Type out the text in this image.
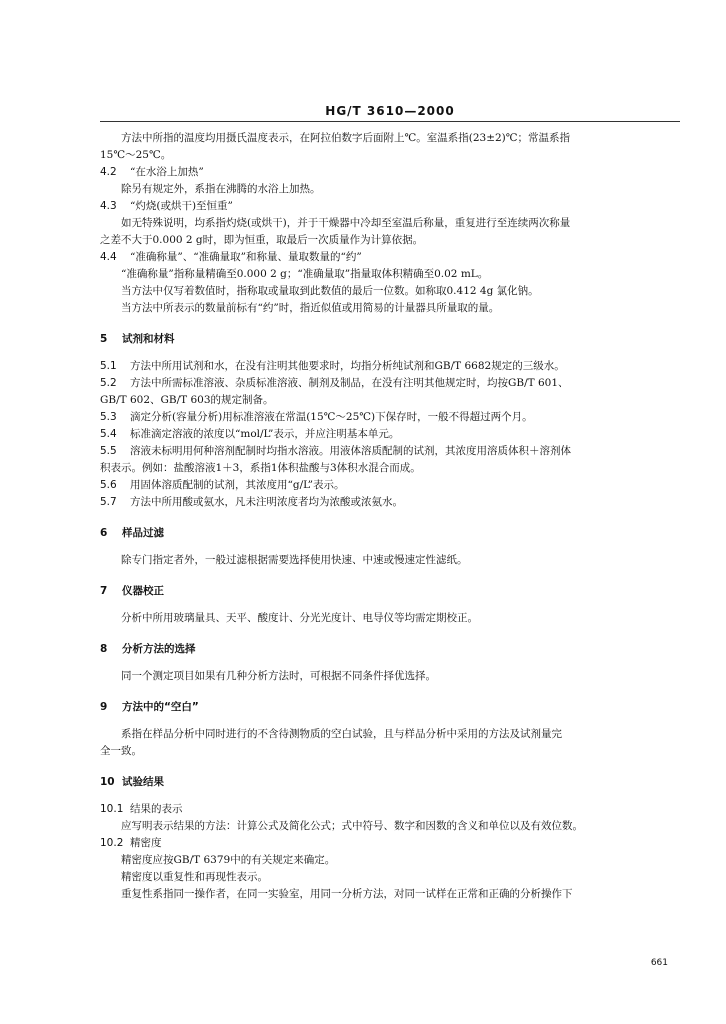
HG/T 3610—2000

方法中所指的温度均用摄氏温度表示，在阿拉伯数字后面附上℃。室温系指(23±2)℃；常温系指

15℃～25℃。

4.2 “在水浴上加热”

除另有规定外，系指在沸腾的水浴上加热。

4.3 “灼烧(或烘干)至恒重”

如无特殊说明，均系指灼烧(或烘干)，并于干燥器中冷却至室温后称量，重复进行至连续两次称量

之差不大于0.000 2 g时，即为恒重，取最后一次质量作为计算依据。

4.4 “准确称量”、“准确量取”和称量、量取数量的“约”

“准确称量”指称量精确至0.000 2 g；“准确量取”指量取体积精确至0.02 mL。

当方法中仅写着数值时，指称取或量取到此数值的最后一位数。如称取0.412 4g 氯化钠。

当方法中所表示的数量前标有“约”时，指近似值或用简易的计量器具所量取的量。

5 试剂和材料

5.1 方法中所用试剂和水，在没有注明其他要求时，均指分析纯试剂和GB/T 6682规定的三级水。

5.2 方法中所需标准溶液、杂质标准溶液、制剂及制品，在没有注明其他规定时，均按GB/T 601、

GB/T 602、GB/T 603的规定制备。

5.3 滴定分析(容量分析)用标准溶液在常温(15℃～25℃)下保存时，一般不得超过两个月。

5.4 标准滴定溶液的浓度以“mol/L”表示，并应注明基本单元。

5.5 溶液未标明用何种溶剂配制时均指水溶液。用液体溶质配制的试剂，其浓度用溶质体积＋溶剂体

积表示。例如：盐酸溶液1＋3，系指1体积盐酸与3体积水混合而成。

5.6 用固体溶质配制的试剂，其浓度用“g/L”表示。

5.7 方法中所用酸或氨水，凡未注明浓度者均为浓酸或浓氨水。

6 样品过滤

除专门指定者外，一般过滤根据需要选择使用快速、中速或慢速定性滤纸。

7 仪器校正

分析中所用玻璃量具、天平、酸度计、分光光度计、电导仪等均需定期校正。

8 分析方法的选择

同一个测定项目如果有几种分析方法时，可根据不同条件择优选择。

9 方法中的“空白”

系指在样品分析中同时进行的不含待测物质的空白试验，且与样品分析中采用的方法及试剂量完

全一致。

10 试验结果

10.1 结果的表示

应写明表示结果的方法：计算公式及简化公式；式中符号、数字和因数的含义和单位以及有效位数。

10.2 精密度

精密度应按GB/T 6379中的有关规定来确定。

精密度以重复性和再现性表示。

重复性系指同一操作者，在同一实验室，用同一分析方法，对同一试样在正常和正确的分析操作下

661
